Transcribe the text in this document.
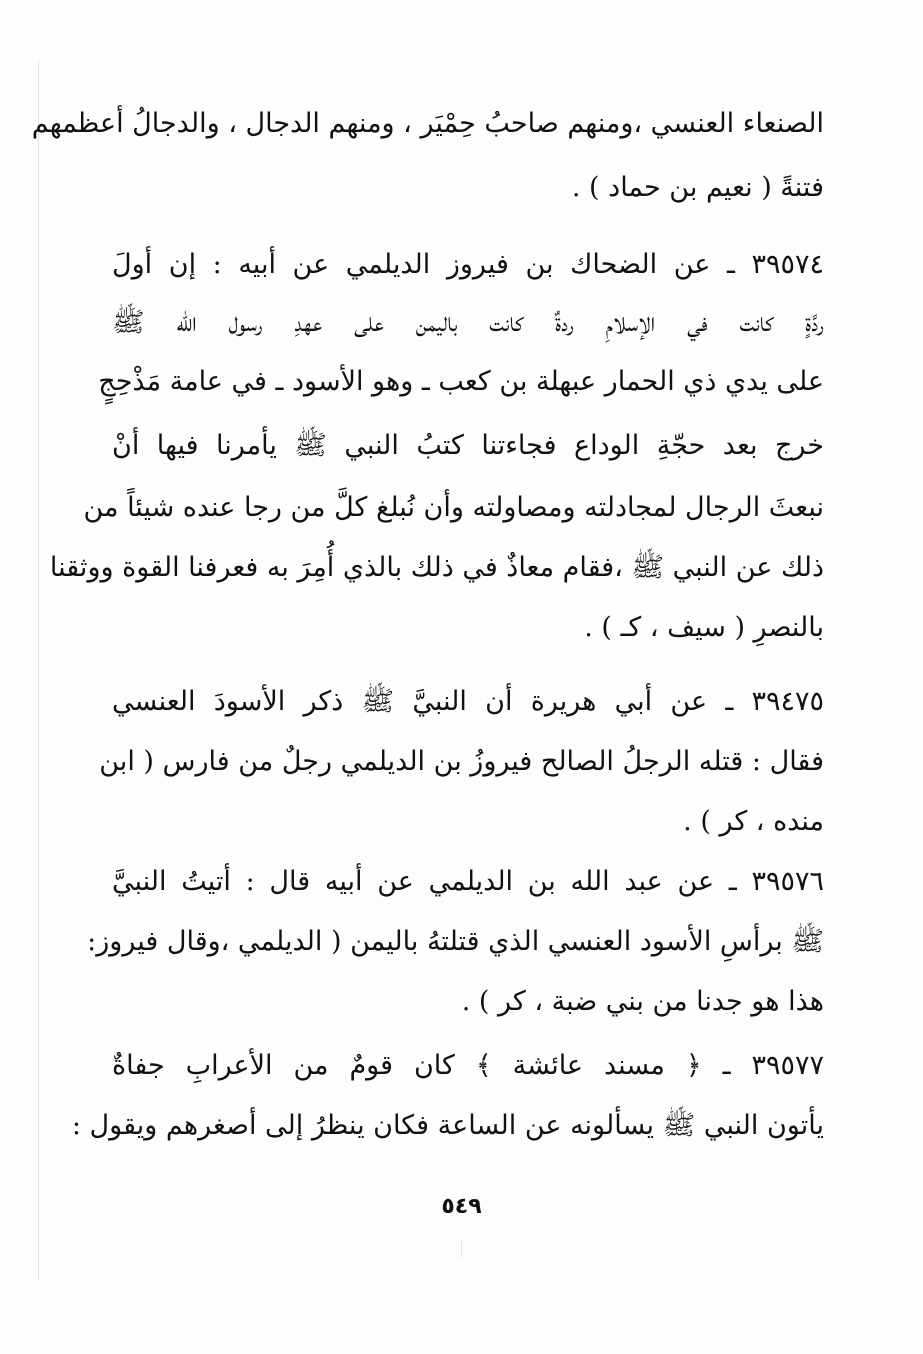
الصنعاء العنسي ،ومنهم صاحبُ حِمْيَر ، ومنهم الدجال ، والدجالُ أعظمهم
فتنةً ( نعيم بن حماد ) .
٣٩٥٧٤ ـ عن الضحاك بن فيروز الديلمي عن أبيه : إن أولَ
ردَّةٍ كانت في الإسلامِ ردةٌ كانت باليمن على عهدِ رسول الله ﷺ
على يدي ذي الحمار عبهلة بن كعب ـ وهو الأسود ـ في عامة مَذْحِجٍ
خرج بعد حجّةِ الوداع فجاءتنا كتبُ النبي ﷺ يأمرنا فيها أنْ
نبعثَ الرجال لمجادلته ومصاولته وأن نُبلغ كلَّ من رجا عنده شيئاً من
ذلك عن النبي ﷺ ،فقام معاذٌ في ذلك بالذي أُمِرَ به فعرفنا القوة ووثقنا
بالنصرِ ( سيف ، كـ ) .
٣٩٤٧٥ ـ عن أبي هريرة أن النبيَّ ﷺ ذكر الأسودَ العنسي
فقال : قتله الرجلُ الصالح فيروزُ بن الديلمي رجلٌ من فارس ( ابن
منده ، كر ) .
٣٩٥٧٦ ـ عن عبد الله بن الديلمي عن أبيه قال : أتيتُ النبيَّ
ﷺ برأسِ الأسود العنسي الذي قتلتهُ باليمن ( الديلمي ،وقال فيروز:
هذا هو جدنا من بني ضبة ، كر ) .
٣٩٥٧٧ ـ ﴿ مسند عائشة ﴾ كان قومٌ من الأعرابِ جفاةٌ
يأتون النبي ﷺ يسألونه عن الساعة فكان ينظرُ إلى أصغرهم ويقول :
٥٤٩
